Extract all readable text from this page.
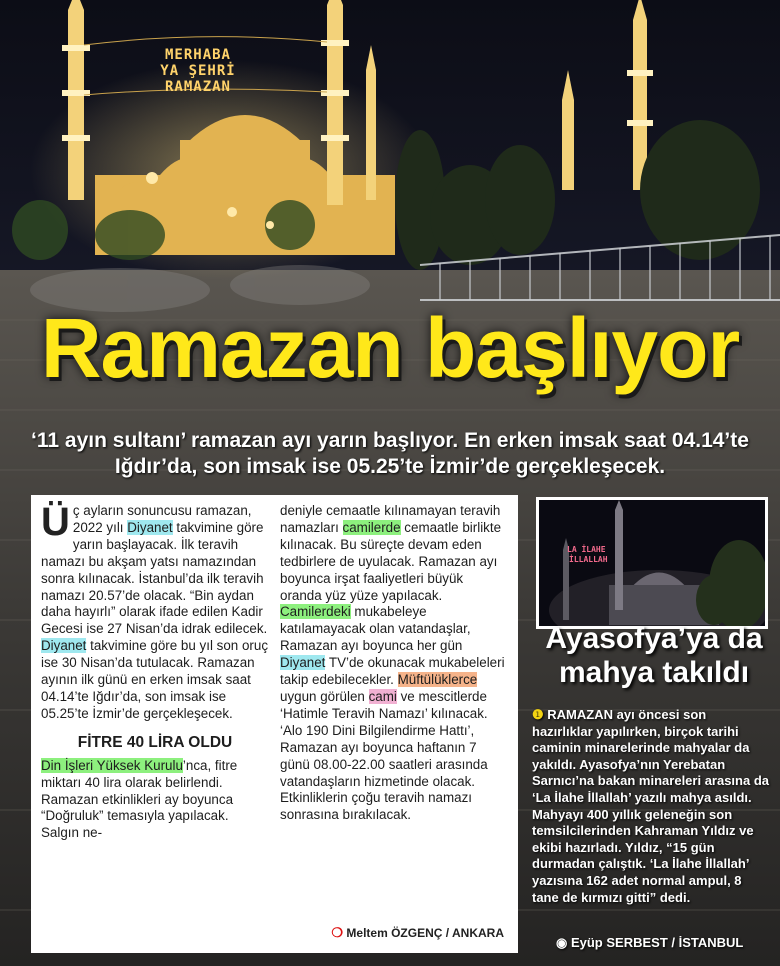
MERHABA
YA ŞEHRİ
RAMAZAN
Ramazan başlıyor

‘11 ayın sultanı’ ramazan ayı yarın başlıyor. En erken imsak saat 04.14’te Iğdır’da, son imsak ise 05.25’te İzmir’de gerçekleşecek.

Üç ayların sonuncusu ramazan, 2022 yılı Diyanet takvimine göre yarın başlayacak. İlk teravih namazı bu akşam yatsı namazından sonra kılınacak. İstanbul’da ilk teravih namazı 20.57’de olacak. “Bin aydan daha hayırlı” olarak ifade edilen Kadir Gecesi ise 27 Nisan’da idrak edilecek. Diyanet takvimine göre bu yıl son oruç ise 30 Nisan’da tutulacak. Ramazan ayının ilk günü en erken imsak saat 04.14’te Iğdır’da, son imsak ise 05.25’te İzmir’de gerçekleşecek.

FİTRE 40 LİRA OLDU

Din İşleri Yüksek Kurulu’nca, fitre miktarı 40 lira olarak belirlendi. Ramazan etkinlikleri ay boyunca “Doğruluk” temasıyla yapılacak. Salgın ne-

deniyle cemaatle kılınamayan teravih namazları camilerde cemaatle birlikte kılınacak. Bu süreçte devam eden tedbirlere de uyulacak. Ramazan ayı boyunca irşat faaliyetleri büyük oranda yüz yüze yapılacak. Camilerdeki mukabeleye katılamayacak olan vatandaşlar, Ramazan ayı boyunca her gün Diyanet TV’de okunacak mukabeleleri takip edebilecekler. Müftülüklerce uygun görülen cami ve mescitlerde ‘Hatimle Teravih Namazı’ kılınacak. ‘Alo 190 Dini Bilgilendirme Hattı’, Ramazan ayı boyunca haftanın 7 günü 08.00-22.00 saatleri arasında vatandaşların hizmetinde olacak. Etkinliklerin çoğu teravih namazı sonrasına bırakılacak.

❍ Meltem ÖZGENÇ / ANKARA
LA İLAHE
İLLALLAH
Ayasofya’ya da mahya takıldı

❶ RAMAZAN ayı öncesi son hazırlıklar yapılırken, birçok tarihi caminin minarelerinde mahyalar da yakıldı. Ayasofya’nın Yerebatan Sarnıcı’na bakan minareleri arasına da ‘La İlahe İllallah’ yazılı mahya asıldı. Mahyayı 400 yıllık geleneğin son temsilcilerinden Kahraman Yıldız ve ekibi hazırladı. Yıldız, “15 gün durmadan çalıştık. ‘La İlahe İllallah’ yazısına 162 adet normal ampul, 8 tane de kırmızı gitti” dedi.

◉ Eyüp SERBEST / İSTANBUL
